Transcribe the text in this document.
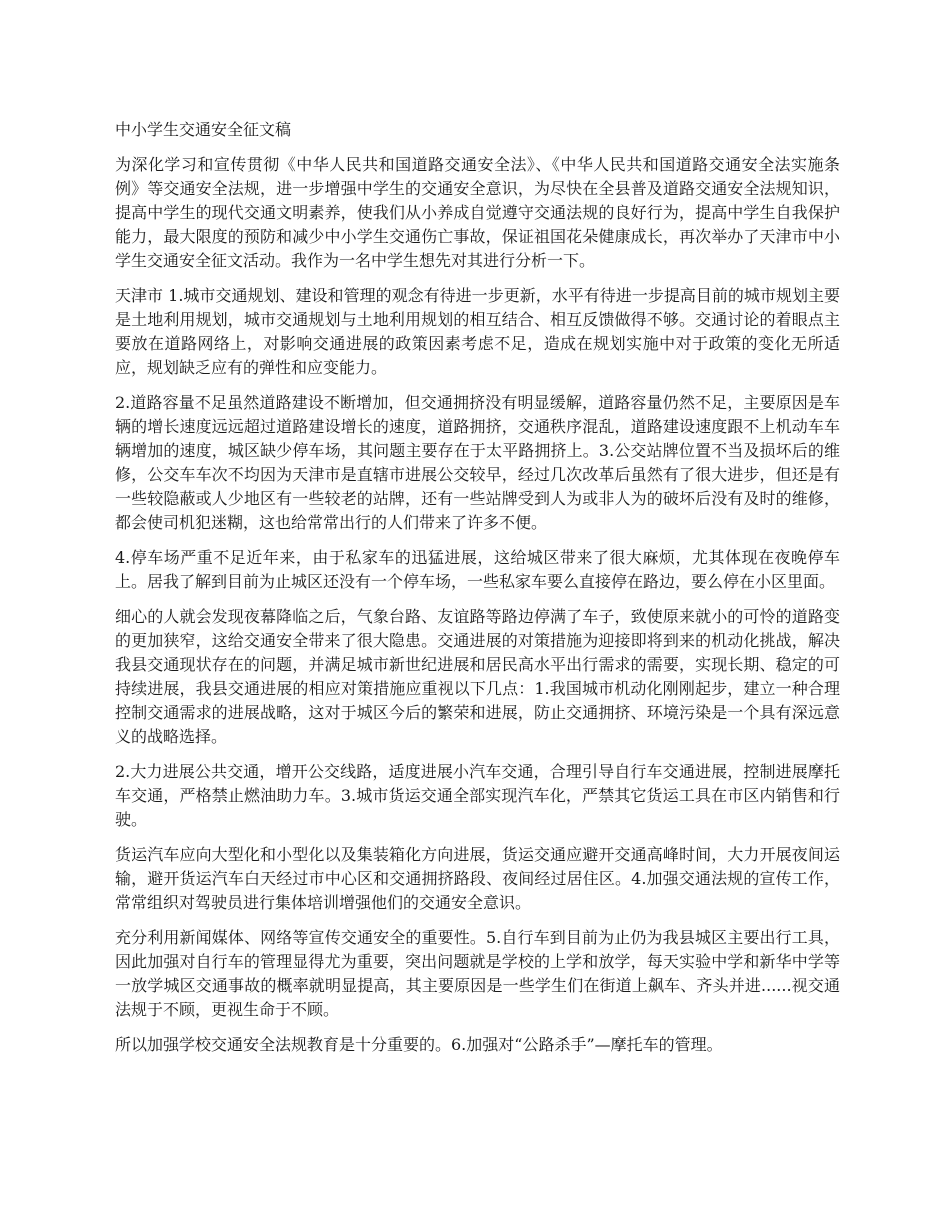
中小学生交通安全征文稿

为深化学习和宣传贯彻《中华人民共和国道路交通安全法》、《中华人民共和国道路交通安全法实施条例》等交通安全法规，进一步增强中学生的交通安全意识，为尽快在全县普及道路交通安全法规知识，提高中学生的现代交通文明素养，使我们从小养成自觉遵守交通法规的良好行为，提高中学生自我保护能力，最大限度的预防和减少中小学生交通伤亡事故，保证祖国花朵健康成长，再次举办了天津市中小学生交通安全征文活动。我作为一名中学生想先对其进行分析一下。

天津市 1.城市交通规划、建设和管理的观念有待进一步更新，水平有待进一步提高目前的城市规划主要是土地利用规划，城市交通规划与土地利用规划的相互结合、相互反馈做得不够。交通讨论的着眼点主要放在道路网络上，对影响交通进展的政策因素考虑不足，造成在规划实施中对于政策的变化无所适应，规划缺乏应有的弹性和应变能力。

2.道路容量不足虽然道路建设不断增加，但交通拥挤没有明显缓解，道路容量仍然不足，主要原因是车辆的增长速度远远超过道路建设增长的速度，道路拥挤，交通秩序混乱，道路建设速度跟不上机动车车辆增加的速度，城区缺少停车场，其问题主要存在于太平路拥挤上。3.公交站牌位置不当及损坏后的维修，公交车车次不均因为天津市是直辖市进展公交较早，经过几次改革后虽然有了很大进步，但还是有一些较隐蔽或人少地区有一些较老的站牌，还有一些站牌受到人为或非人为的破坏后没有及时的维修，都会使司机犯迷糊，这也给常常出行的人们带来了许多不便。

4.停车场严重不足近年来，由于私家车的迅猛进展，这给城区带来了很大麻烦，尤其体现在夜晚停车上。居我了解到目前为止城区还没有一个停车场，一些私家车要么直接停在路边，要么停在小区里面。

细心的人就会发现夜幕降临之后，气象台路、友谊路等路边停满了车子，致使原来就小的可怜的道路变的更加狭窄，这给交通安全带来了很大隐患。交通进展的对策措施为迎接即将到来的机动化挑战，解决我县交通现状存在的问题，并满足城市新世纪进展和居民高水平出行需求的需要，实现长期、稳定的可持续进展，我县交通进展的相应对策措施应重视以下几点：1.我国城市机动化刚刚起步，建立一种合理控制交通需求的进展战略，这对于城区今后的繁荣和进展，防止交通拥挤、环境污染是一个具有深远意义的战略选择。

2.大力进展公共交通，增开公交线路，适度进展小汽车交通，合理引导自行车交通进展，控制进展摩托车交通，严格禁止燃油助力车。3.城市货运交通全部实现汽车化，严禁其它货运工具在市区内销售和行驶。

货运汽车应向大型化和小型化以及集装箱化方向进展，货运交通应避开交通高峰时间，大力开展夜间运输，避开货运汽车白天经过市中心区和交通拥挤路段、夜间经过居住区。4.加强交通法规的宣传工作，常常组织对驾驶员进行集体培训增强他们的交通安全意识。

充分利用新闻媒体、网络等宣传交通安全的重要性。5.自行车到目前为止仍为我县城区主要出行工具，因此加强对自行车的管理显得尤为重要，突出问题就是学校的上学和放学，每天实验中学和新华中学等一放学城区交通事故的概率就明显提高，其主要原因是一些学生们在街道上飙车、齐头并进......视交通法规于不顾，更视生命于不顾。

所以加强学校交通安全法规教育是十分重要的。6.加强对“公路杀手”—摩托车的管理。
